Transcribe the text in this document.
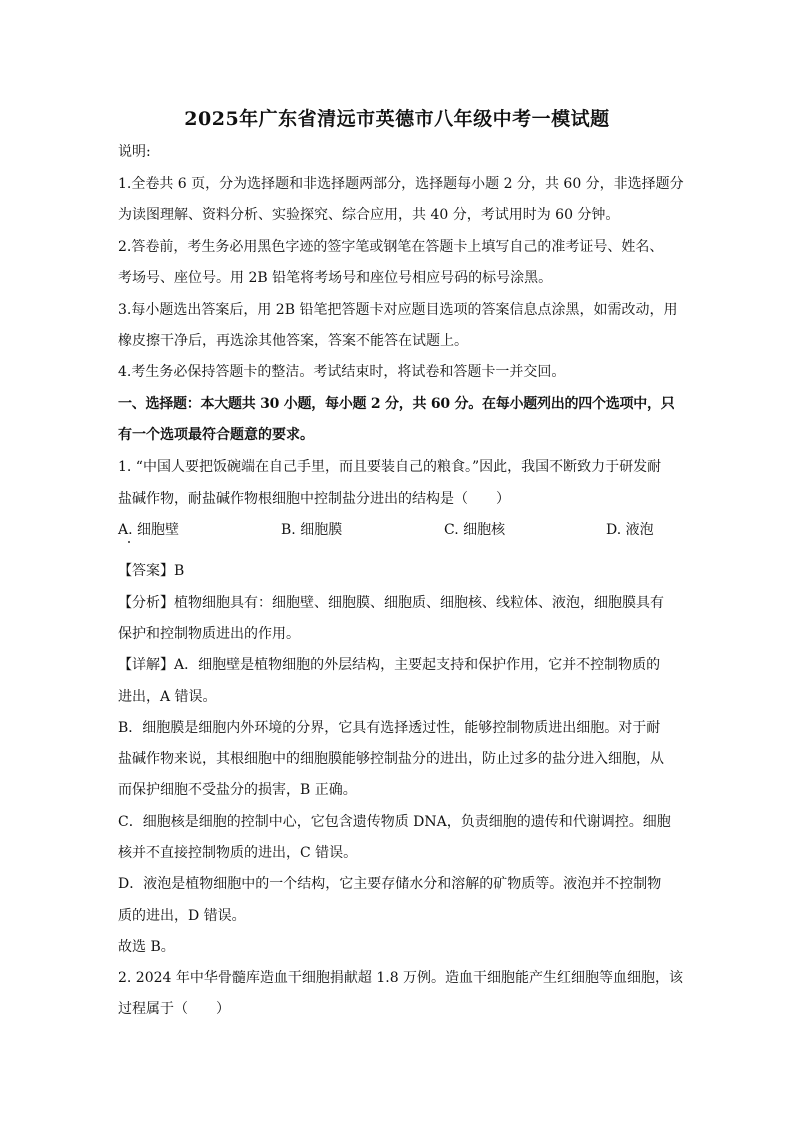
2025年广东省清远市英德市八年级中考一模试题
说明:
1.全卷共 6 页，分为选择题和非选择题两部分，选择题每小题 2 分，共 60 分，非选择题分
为读图理解、资料分析、实验探究、综合应用，共 40 分，考试用时为 60 分钟。
2.答卷前，考生务必用黑色字迹的签字笔或钢笔在答题卡上填写自己的准考证号、姓名、
考场号、座位号。用 2B 铅笔将考场号和座位号相应号码的标号涂黑。
3.每小题选出答案后，用 2B 铅笔把答题卡对应题目选项的答案信息点涂黑，如需改动，用
橡皮擦干净后，再选涂其他答案，答案不能答在试题上。
4.考生务必保持答题卡的整洁。考试结束时，将试卷和答题卡一并交回。
一、选择题：本大题共 30 小题，每小题 2 分，共 60 分。在每小题列出的四个选项中，只
有一个选项最符合题意的要求。
1. “中国人要把饭碗端在自己手里，而且要装自己的粮食。”因此，我国不断致力于研发耐
盐碱作物，耐盐碱作物根细胞中控制盐分进出的结构是（　　）
A. 细胞壁	B. 细胞膜	C. 细胞核	D. 液泡
【答案】B
【分析】植物细胞具有：细胞壁、细胞膜、细胞质、细胞核、线粒体、液泡，细胞膜具有
保护和控制物质进出的作用。
【详解】A．细胞壁是植物细胞的外层结构，主要起支持和保护作用，它并不控制物质的
进出，A 错误。
B．细胞膜是细胞内外环境的分界，它具有选择透过性，能够控制物质进出细胞。对于耐
盐碱作物来说，其根细胞中的细胞膜能够控制盐分的进出，防止过多的盐分进入细胞，从
而保护细胞不受盐分的损害，B 正确。
C．细胞核是细胞的控制中心，它包含遗传物质 DNA，负责细胞的遗传和代谢调控。细胞
核并不直接控制物质的进出，C 错误。
D．液泡是植物细胞中的一个结构，它主要存储水分和溶解的矿物质等。液泡并不控制物
质的进出，D 错误。
故选 B。
2. 2024 年中华骨髓库造血干细胞捐献超 1.8 万例。造血干细胞能产生红细胞等血细胞，该
过程属于（　　）
